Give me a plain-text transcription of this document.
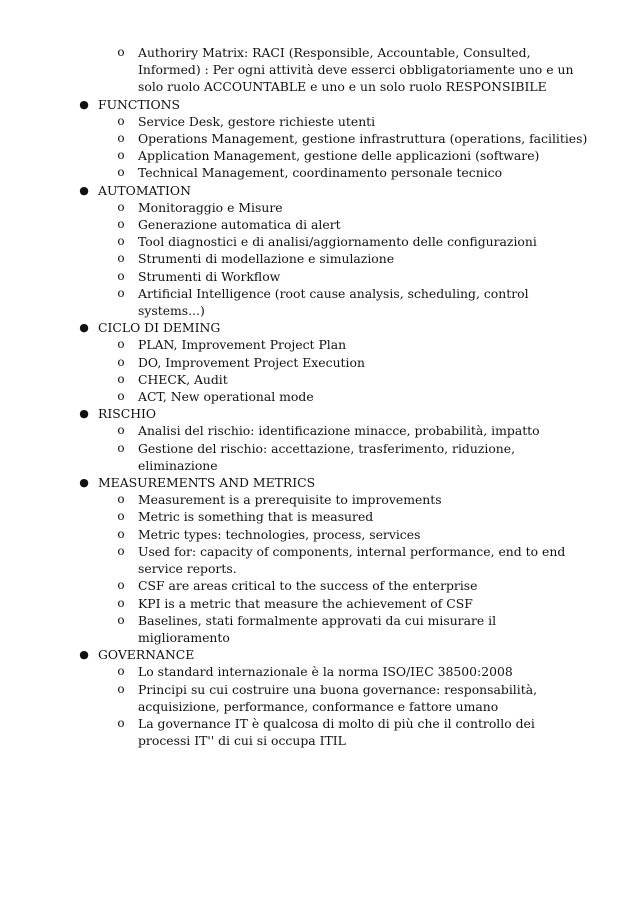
o Authoriry Matrix: RACI (Responsible, Accountable, Consulted, Informed) : Per ogni attività deve esserci obbligatoriamente uno e un solo ruolo ACCOUNTABLE e uno e un solo ruolo RESPONSIBILE
● FUNCTIONS
o Service Desk, gestore richieste utenti
o Operations Management, gestione infrastruttura (operations, facilities)
o Application Management, gestione delle applicazioni (software)
o Technical Management, coordinamento personale tecnico
● AUTOMATION
o Monitoraggio e Misure
o Generazione automatica di alert
o Tool diagnostici e di analisi/aggiornamento delle configurazioni
o Strumenti di modellazione e simulazione
o Strumenti di Workflow
o Artificial Intelligence (root cause analysis, scheduling, control systems...)
● CICLO DI DEMING
o PLAN, Improvement Project Plan
o DO, Improvement Project Execution
o CHECK, Audit
o ACT, New operational mode
● RISCHIO
o Analisi del rischio: identificazione minacce, probabilità, impatto
o Gestione del rischio: accettazione, trasferimento, riduzione, eliminazione
● MEASUREMENTS AND METRICS
o Measurement is a prerequisite to improvements
o Metric is something that is measured
o Metric types: technologies, process, services
o Used for: capacity of components, internal performance, end to end service reports.
o CSF are areas critical to the success of the enterprise
o KPI is a metric that measure the achievement of CSF
o Baselines, stati formalmente approvati da cui misurare il miglioramento
● GOVERNANCE
o Lo standard internazionale è la norma ISO/IEC 38500:2008
o Principi su cui costruire una buona governance: responsabilità, acquisizione, performance, conformance e fattore umano
o La governance IT è qualcosa di molto di più che il controllo dei processi IT'' di cui si occupa ITIL
